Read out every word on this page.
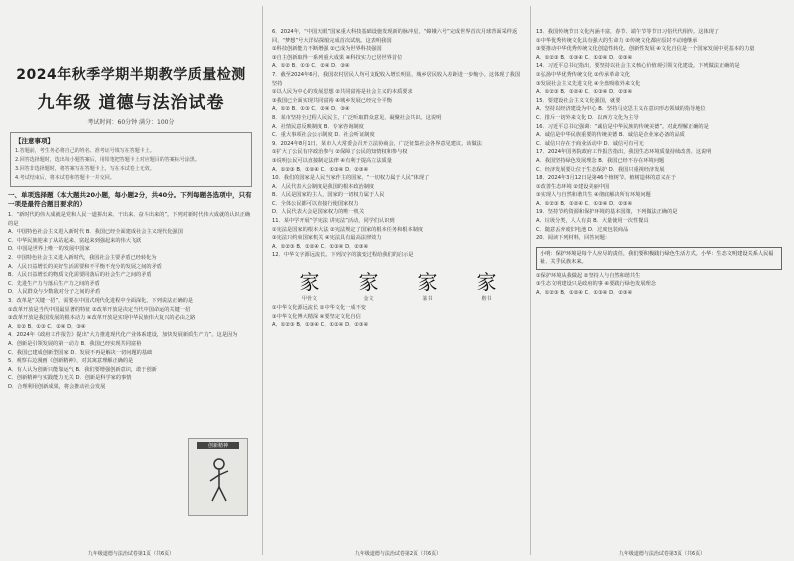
2024年秋季学期半期教学质量检测
九年级 道德与法治试卷
考试时间：60分钟 满分：100分
【注意事项】
1.答题前，考生务必将自己的姓名、准考证号填写在答题卡上。
2.回答选择题时，选出每小题答案后，用铅笔把答题卡上对应题目的答案标号涂黑。
3.回答非选择题时，将答案写在答题卡上，写在本试卷上无效。
4.考试结束后，将本试卷和答题卡一并交回。
一、单项选择题（本大题共20小题，每小题2分，共40分。下列每题各选项中，只有一项是最符合题目要求的）
1．“新时代的伟大成就是党和人民一道拼出来、干出来、奋斗出来的”。下列对新时代伟大成就的认识正确的是
A．中国特色社会主义进入新时代 B．我国已经全面建成社会主义现代化强国
C．中华民族迎来了从站起来、富起来到强起来的伟大飞跃
D．中国是世界上唯一的发展中国家
2．中国特色社会主义进入新时代，我国社会主要矛盾已经转化为
A．人民日益增长的美好生活需要和不平衡不充分的发展之间的矛盾
B．人民日益增长的物质文化需要同落后的社会生产之间的矛盾
C．先进生产力与落后生产力之间的矛盾
D．人民群众与少数敌对分子之间的矛盾
3．改革是“关键一招”，需要在中国式现代化进程中全面深化。下列说法正确的是
①改革开放是当代中国最显著的特征 ②改革开放是决定当代中国命运的关键一招
③改革开放是我国发展的根本动力 ④改革开放是实现中华民族伟大复兴的必由之路
A．①② B．①③ C．②④ D．③④
4．2024年《政府工作报告》提出“大力推进现代化产业体系建设，加快发展新质生产力”。这是因为
A．创新是引领发展的第一动力 B．我国已经实现共同富裕
C．我国已建成创新型国家 D．发展不再是解决一切问题的基础
5．观察右边漫画《创新精神》，对其寓意理解正确的是
A．有人认为创新只能靠运气 B．我们要增强创新意识，敢于创新
C．创新精神与实践能力无关 D．创新是科学家的事情
D．合理利用创新成果，将会推动社会发展
创新精神
九年级道德与法治试卷第1页（共6页）
6．2024年，“中国天眼”国家重大科技基础设施发现新的脉冲星，“嫦娥六号”完成世界首次月球背面采样返回，“梦想”号大洋钻探船完成首次试航。这表明我国
①科技创新能力不断增强 ②已成为世界科技强国
③自主创新取得一系列重大成果 ④科技实力已居世界首位
A．①② B．①③ C．②④ D．③④
7．截至2024年6月，我国农村居民人均可支配收入增长明显，城乡居民收入差距进一步缩小。这体现了我国坚持
①以人民为中心的发展思想 ②共同富裕是社会主义的本质要求
③我国已全面实现共同富裕 ④城乡发展已经完全平衡
A．①② B．①③ C．②④ D．③④
8．某市坚持全过程人民民主，广泛听取群众意见，凝聚社会共识。这说明
A．社情民意反映制度 B．专家咨询制度
C．重大事项社会公示制度 D．社会听证制度
9．2024年8月1日，某市人大常委会召开立法协商会，广泛征集社会各界意见建议。该做法
①扩大了公民有序政治参与 ②保障了公民的知情权和参与权
③说明公民可以直接制定法律 ④有利于提高立法质量
A．①②③ B．①②④ C．①③④ D．②③④
10．我们的国家是人民当家作主的国家，“一切权力属于人民”体现了
A．人民代表大会制度是我国的根本政治制度
B．人民是国家的主人，国家的一切权力属于人民
C．全体公民都可以直接行使国家权力
D．人民代表大会是国家权力的唯一机关
11．某中学开展“学宪法 讲宪法”活动，同学们认识到
①宪法是国家的根本大法 ②宪法规定了国家的根本任务和根本制度
③宪法只约束国家机关 ④宪法具有最高法律效力
A．①②③ B．①②④ C．①③④ D．②③④
12．中华文字源远流长。下列汉字的演变过程给我们的启示是
家
甲骨文
家
金文
家
篆书
家
楷书
①中华文化源远流长 ②中华文化一成不变
③中华文化博大精深 ④要坚定文化自信
A．①②③ B．①③④ C．①②④ D．②③④
九年级道德与法治试卷第2页（共6页）
13．我国传统节日文化内涵丰富，春节、端午节等节日习俗代代相传。这体现了
①中华优秀传统文化具有强大的生命力 ②传统文化都应原封不动地继承
③要推动中华优秀传统文化创造性转化、创新性发展 ④文化自信是一个国家发展中更基本的力量
A．①②③ B．①③④ C．①②④ D．②③④
14．习近平总书记指出，要坚持以社会主义核心价值观引领文化建设。下列做法正确的是
①弘扬中华优秀传统文化 ②传承革命文化
③发展社会主义先进文化 ④全盘吸收外来文化
A．①②③ B．①②④ C．①③④ D．②③④
15．要建设社会主义文化强国，就要
A．坚持以经济建设为中心 B．坚持马克思主义在意识形态领域的指导地位
C．排斥一切外来文化 D．以西方文化为主导
16．习近平总书记强调：“诚信是中华民族的传统美德”。对此理解正确的是
A．诚信是中华民族重要的传统美德 B．诚信是企业家必备的品质
C．诚信只存在于商业活动中 D．诚信可有可无
17．2024年国务院政府工作报告指出，我国生态环境质量持续改善。这说明
A．我国坚持绿色发展理念 B．我国已经不存在环境问题
C．经济发展要让位于生态保护 D．我国只重视经济发展
18．2024年3月12日是第46个植树节。植树造林的意义在于
①改善生态环境 ②建设美丽中国
③实现人与自然和谐共生 ④彻底解决所有环境问题
A．①②③ B．①②④ C．①③④ D．②③④
19．坚持节约资源和保护环境的基本国策，下列做法正确的是
A．垃圾分类，人人有责 B．大量使用一次性餐具
C．随意丢弃废旧电池 D．过度包装商品
20．阅读下列材料，回答问题：
小明：保护环境是每个人应尽的责任，我们要积极践行绿色生活方式。小华：生态文明建设关系人民福祉、关乎民族未来。
①保护环境从我做起 ②坚持人与自然和谐共生
③生态文明建设只是政府的事 ④要践行绿色发展理念
A．①②③ B．①②④ C．①③④ D．②③④
九年级道德与法治试卷第3页（共6页）
